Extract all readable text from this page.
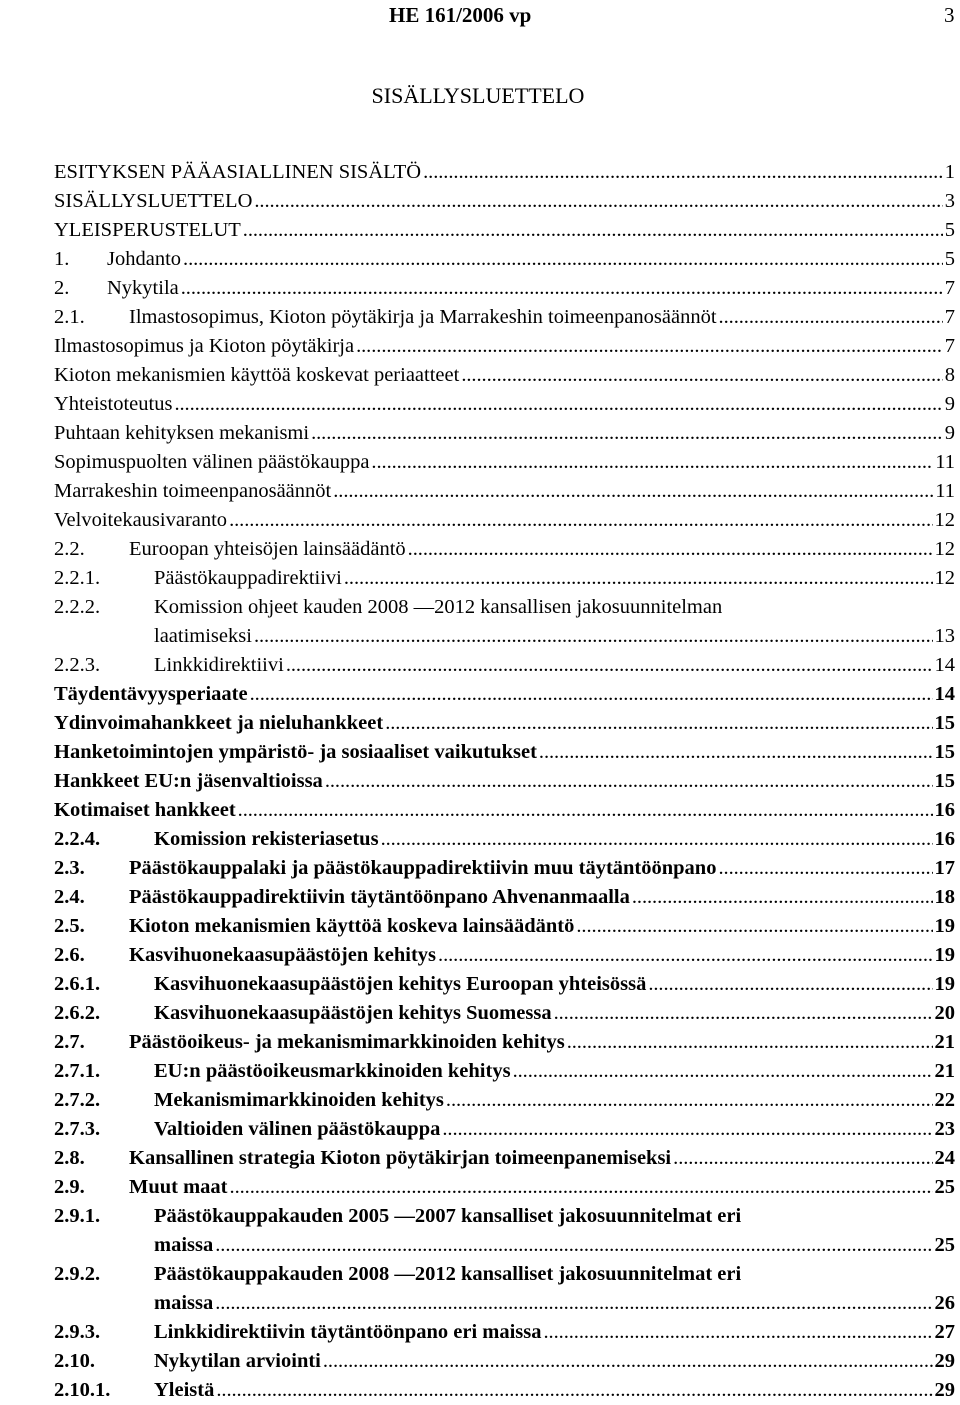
HE 161/2006 vp	3
SISÄLLYSLUETTELO
ESITYKSEN PÄÄASIALLINEN SISÄLTÖ . . .	1
SISÄLLYSLUETTELO . . .	3
YLEISPERUSTELUT . . .	5
1.	Johdanto . . .	5
2.	Nykytila . . .	7
2.1.	Ilmastosopimus, Kioton pöytäkirja ja Marrakeshin toimeenpanosäännöt . . .	7
Ilmastosopimus ja Kioton pöytäkirja . . .	7
Kioton mekanismien käyttöä koskevat periaatteet . . .	8
Yhteistoteutus . . .	9
Puhtaan kehityksen mekanismi . . .	9
Sopimuspuolten välinen päästökauppa . . .	11
Marrakeshin toimeenpanosäännöt . . .	11
Velvoitekausivaranto . . .	12
2.2.	Euroopan yhteisöjen lainsäädäntö . . .	12
2.2.1.	Päästökauppadirektiivi . . .	12
2.2.2.	Komission ohjeet kauden 2008 —2012 kansallisen jakosuunnitelman
laatimiseksi . . .	13
2.2.3.	Linkkidirektiivi . . .	14
Täydentävyysperiaate . . .	14
Ydinvoimahankkeet ja nieluhankkeet . . .	15
Hanketoimintojen ympäristö- ja sosiaaliset vaikutukset . . .	15
Hankkeet EU:n jäsenvaltioissa . . .	15
Kotimaiset hankkeet . . .	16
2.2.4.	Komission rekisteriasetus . . .	16
2.3.	Päästökauppalaki ja päästökauppadirektiivin muu täytäntöönpano . . .	17
2.4.	Päästökauppadirektiivin täytäntöönpano Ahvenanmaalla . . .	18
2.5.	Kioton mekanismien käyttöä koskeva lainsäädäntö . . .	19
2.6.	Kasvihuonekaasupäästöjen kehitys . . .	19
2.6.1.	Kasvihuonekaasupäästöjen kehitys Euroopan yhteisössä . . .	19
2.6.2.	Kasvihuonekaasupäästöjen kehitys Suomessa . . .	20
2.7.	Päästöoikeus- ja mekanismimarkkinoiden kehitys . . .	21
2.7.1.	EU:n päästöoikeusmarkkinoiden kehitys . . .	21
2.7.2.	Mekanismimarkkinoiden kehitys . . .	22
2.7.3.	Valtioiden välinen päästökauppa . . .	23
2.8.	Kansallinen strategia Kioton pöytäkirjan toimeenpanemiseksi . . .	24
2.9.	Muut maat . . .	25
2.9.1.	Päästökauppakauden 2005 —2007 kansalliset jakosuunnitelmat eri
maissa . . .	25
2.9.2.	Päästökauppakauden 2008 —2012 kansalliset jakosuunnitelmat eri
maissa . . .	26
2.9.3.	Linkkidirektiivin täytäntöönpano eri maissa . . .	27
2.10.	Nykytilan arviointi . . .	29
2.10.1.	Yleistä . . .	29
